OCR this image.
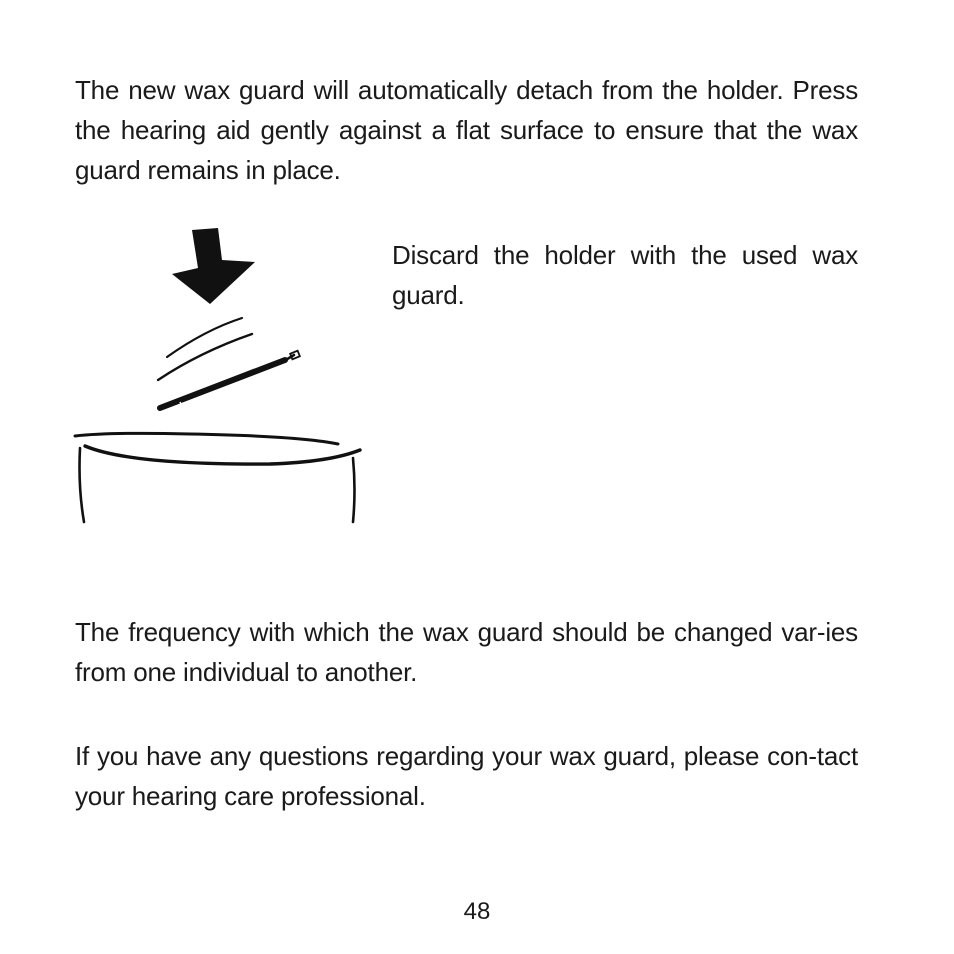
The new wax guard will automatically detach from the holder. Press the hearing aid gently against a flat surface to ensure that the wax guard remains in place.

Discard the holder with the used wax guard.

The frequency with which the wax guard should be changed var-ies from one individual to another.

If you have any questions regarding your wax guard, please con-tact your hearing care professional.

48
